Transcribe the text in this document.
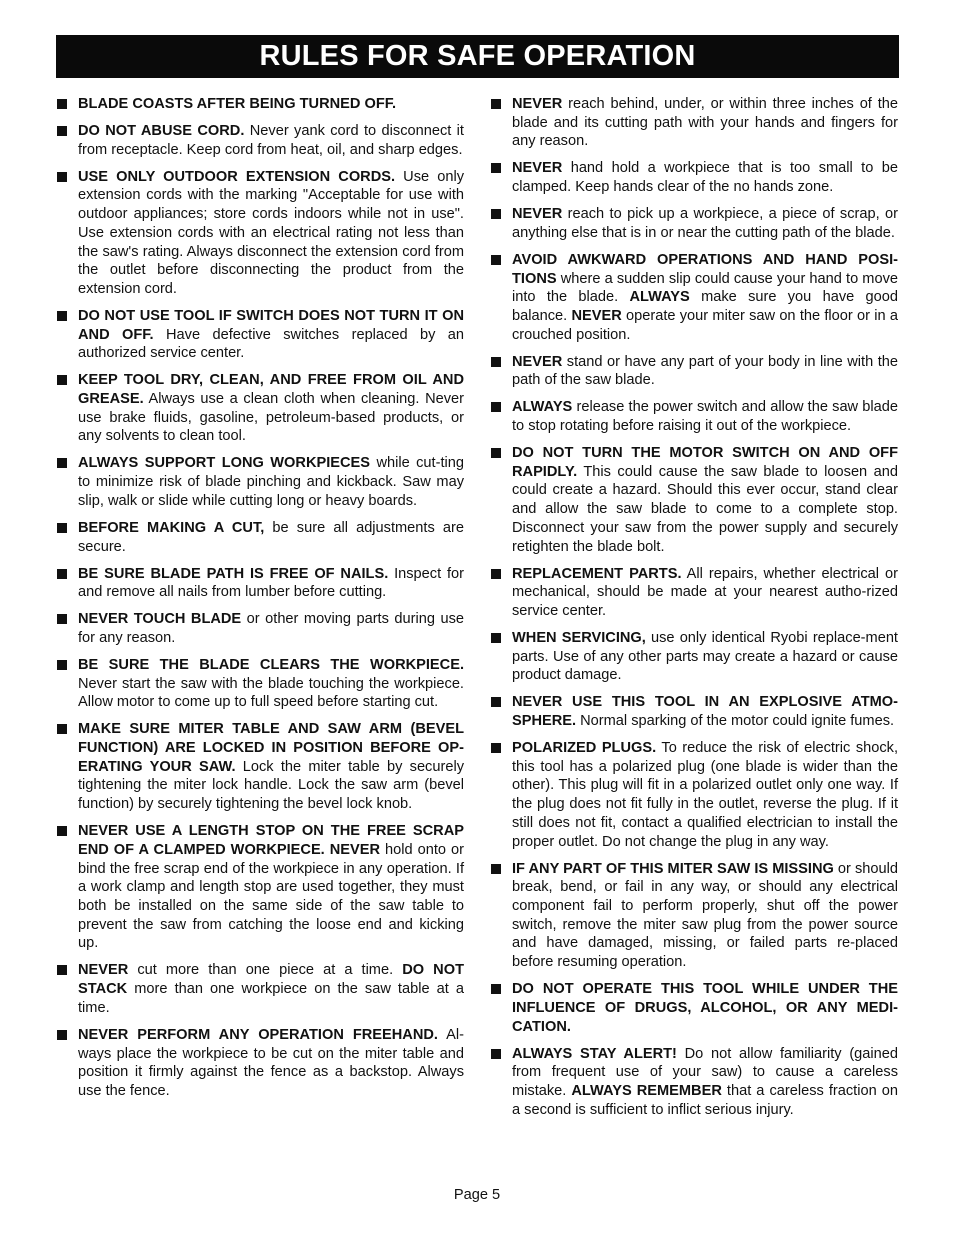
RULES FOR SAFE OPERATION
BLADE COASTS AFTER BEING TURNED OFF.
DO NOT ABUSE CORD. Never yank cord to disconnect it from receptacle. Keep cord from heat, oil, and sharp edges.
USE ONLY OUTDOOR EXTENSION CORDS. Use only extension cords with the marking "Acceptable for use with outdoor appliances; store cords indoors while not in use". Use extension cords with an electrical rating not less than the saw's rating. Always disconnect the extension cord from the outlet before disconnecting the product from the extension cord.
DO NOT USE TOOL IF SWITCH DOES NOT TURN IT ON AND OFF. Have defective switches replaced by an authorized service center.
KEEP TOOL DRY, CLEAN, AND FREE FROM OIL AND GREASE. Always use a clean cloth when cleaning. Never use brake fluids, gasoline, petroleum-based products, or any solvents to clean tool.
ALWAYS SUPPORT LONG WORKPIECES while cut-ting to minimize risk of blade pinching and kickback. Saw may slip, walk or slide while cutting long or heavy boards.
BEFORE MAKING A CUT, be sure all adjustments are secure.
BE SURE BLADE PATH IS FREE OF NAILS. Inspect for and remove all nails from lumber before cutting.
NEVER TOUCH BLADE or other moving parts during use for any reason.
BE SURE THE BLADE CLEARS THE WORKPIECE. Never start the saw with the blade touching the workpiece. Allow motor to come up to full speed before starting cut.
MAKE SURE MITER TABLE AND SAW ARM (BEVEL FUNCTION) ARE LOCKED IN POSITION BEFORE OP-ERATING YOUR SAW. Lock the miter table by securely tightening the miter lock handle. Lock the saw arm (bevel function) by securely tightening the bevel lock knob.
NEVER USE A LENGTH STOP ON THE FREE SCRAP END OF A CLAMPED WORKPIECE. NEVER hold onto or bind the free scrap end of the workpiece in any operation. If a work clamp and length stop are used together, they must both be installed on the same side of the saw table to prevent the saw from catching the loose end and kicking up.
NEVER cut more than one piece at a time. DO NOT STACK more than one workpiece on the saw table at a time.
NEVER PERFORM ANY OPERATION FREEHAND. Al-ways place the workpiece to be cut on the miter table and position it firmly against the fence as a backstop. Always use the fence.
NEVER reach behind, under, or within three inches of the blade and its cutting path with your hands and fingers for any reason.
NEVER hand hold a workpiece that is too small to be clamped. Keep hands clear of the no hands zone.
NEVER reach to pick up a workpiece, a piece of scrap, or anything else that is in or near the cutting path of the blade.
AVOID AWKWARD OPERATIONS AND HAND POSI-TIONS where a sudden slip could cause your hand to move into the blade. ALWAYS make sure you have good balance. NEVER operate your miter saw on the floor or in a crouched position.
NEVER stand or have any part of your body in line with the path of the saw blade.
ALWAYS release the power switch and allow the saw blade to stop rotating before raising it out of the workpiece.
DO NOT TURN THE MOTOR SWITCH ON AND OFF RAPIDLY. This could cause the saw blade to loosen and could create a hazard. Should this ever occur, stand clear and allow the saw blade to come to a complete stop. Disconnect your saw from the power supply and securely retighten the blade bolt.
REPLACEMENT PARTS. All repairs, whether electrical or mechanical, should be made at your nearest autho-rized service center.
WHEN SERVICING, use only identical Ryobi replace-ment parts. Use of any other parts may create a hazard or cause product damage.
NEVER USE THIS TOOL IN AN EXPLOSIVE ATMO-SPHERE. Normal sparking of the motor could ignite fumes.
POLARIZED PLUGS. To reduce the risk of electric shock, this tool has a polarized plug (one blade is wider than the other). This plug will fit in a polarized outlet only one way. If the plug does not fit fully in the outlet, reverse the plug. If it still does not fit, contact a qualified electrician to install the proper outlet. Do not change the plug in any way.
IF ANY PART OF THIS MITER SAW IS MISSING or should break, bend, or fail in any way, or should any electrical component fail to perform properly, shut off the power switch, remove the miter saw plug from the power source and have damaged, missing, or failed parts re-placed before resuming operation.
DO NOT OPERATE THIS TOOL WHILE UNDER THE INFLUENCE OF DRUGS, ALCOHOL, OR ANY MEDI-CATION.
ALWAYS STAY ALERT! Do not allow familiarity (gained from frequent use of your saw) to cause a careless mistake. ALWAYS REMEMBER that a careless fraction on a second is sufficient to inflict serious injury.
Page 5
